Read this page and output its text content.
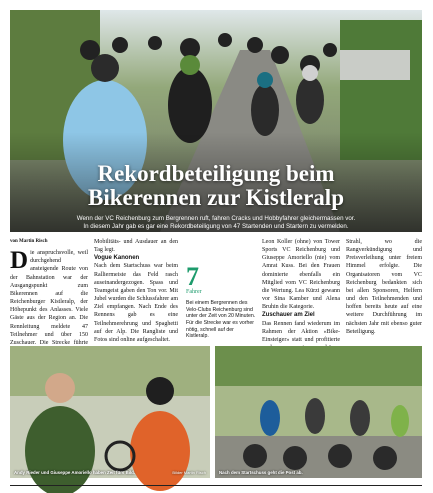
Rekordbeteiligung beim
Bikerennen zur Kistleralp
Wenn der VC Reichenburg zum Bergrennen ruft, fahren Cracks und Hobbyfahrer gleichermassen vor.
In diesem Jahr gab es gar eine Rekordbeteiligung von 47 Startenden und Startern zu vermelden.
von Martin Risch
D ie anspruchsvolle, weil durchgehend ansteigende Route von der Bahnstation war der Ausgangspunkt zum Bikerennen auf die Reichenburger Kistleralp, der Höhepunkt des Anlasses. Viele Gäste aus der Region an. Die Rennleitung meldete 47 Teilnehmer und über 150 Zuschauer. Die Strecke führte
Mobilitäts- und Ausdauer an den Tag legt.
Vogue Kanonen
Nach dem Startschuss war beim Ralliermeiste das Feld rasch auseinandergezogen. Spass und Teamgeist gaben den Ton vor. Mit Jubel wurden die Schlussfahrer am Ziel empfangen. Nach Ende des Rennens gab es eine Teilnehmerehrung und Spaghetti auf der Alp. Die Rangliste und Fotos sind online aufgeschaltet.
7
Fahrer
Bei einem Bergrennen des Velo-Clubs Reichenburg sind unter der Zeit von 20 Minuten. Für die Strecke war es vorher nötig, schnell auf der Kistleralp.
Leon Koller (ohne) von Tower Sports VC Reichenburg und Giuseppe Amoriello (nie) vom Amrat Kuss. Bei den Frauen dominierte ebenfalls ein Mitglied vom VC Reichenburg die Wertung. Lea Kürzi gewann vor Sina Kamber und Alena Bruhin die Kategorie.
Zuschauer am Ziel
Das Rennen fand wiederum im Rahmen der Aktion «Bike-Einsteiger» statt und profitierte
Strahl, wo die Rangverkündigung und Preisverleihung unter freiem Himmel erfolgte. Die Organisatoren vom VC Reichenburg bedankten sich bei allen Sponsoren, Helfern und den Teilnehmenden und hoffen bereits heute auf eine weitere Durchführung im nächsten Jahr mit ebenso guter Beteiligung.
Andy Rieder und Giuseppe Amoriello haben Zeit fürs Bild.	Bilder Martin Risch	Nach dem Startschuss geht die Post ab.
